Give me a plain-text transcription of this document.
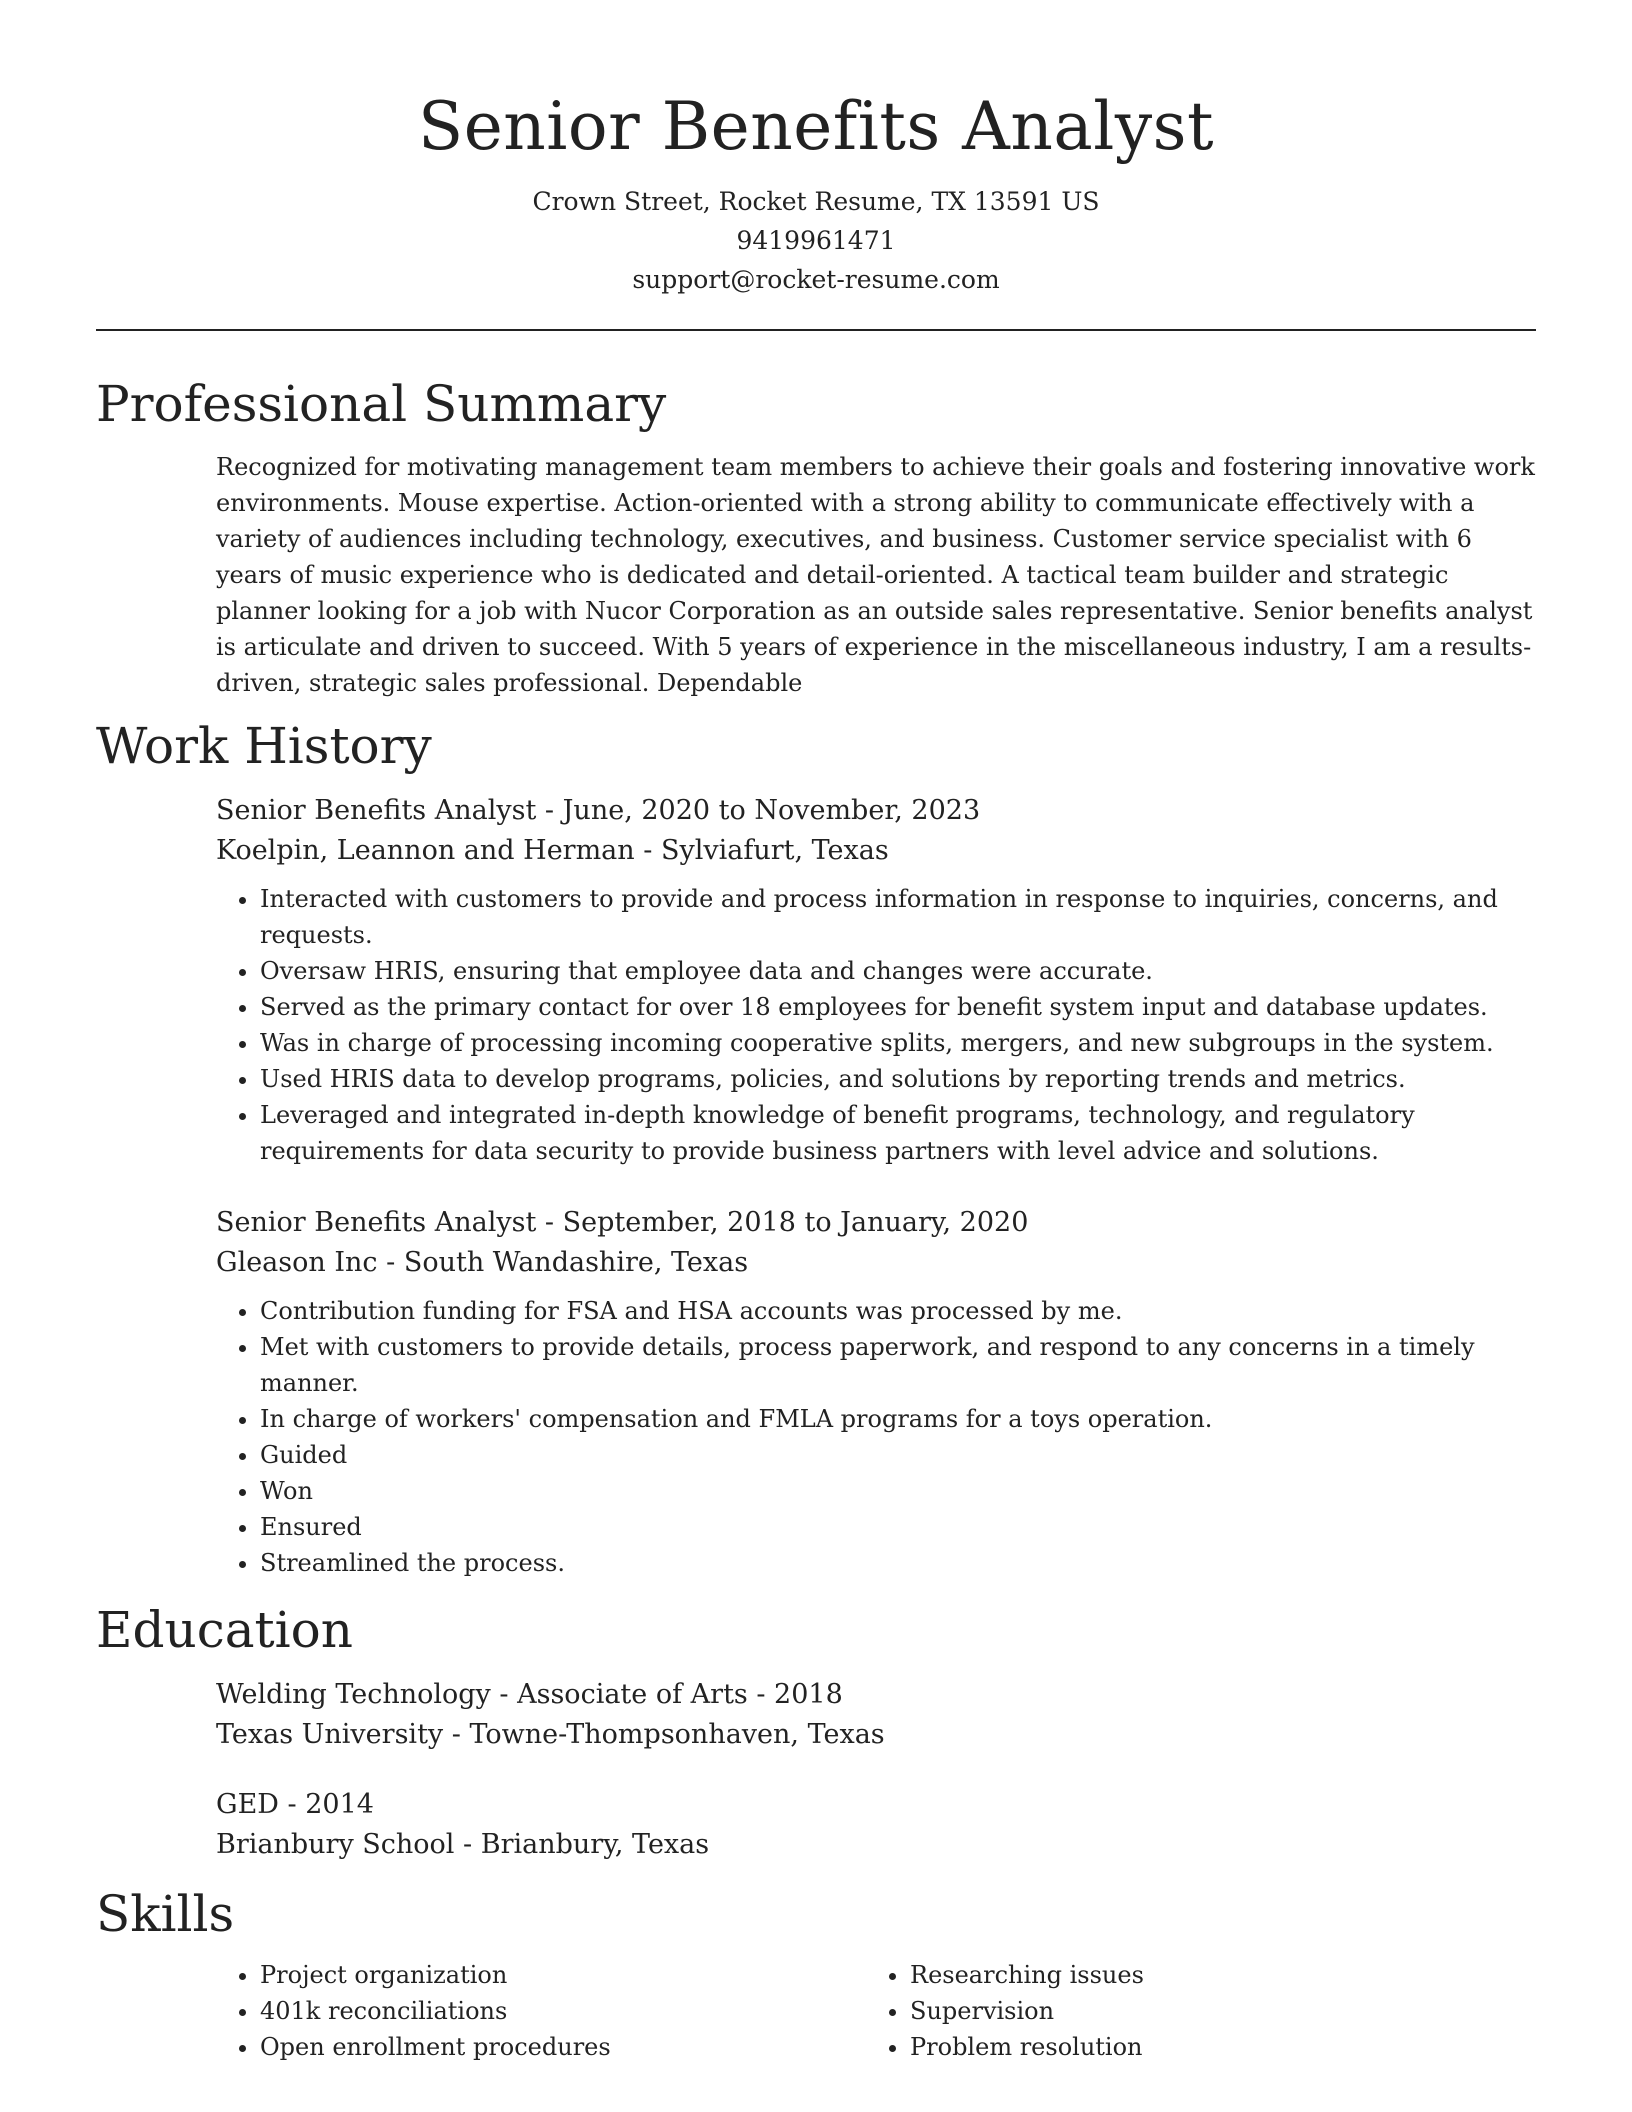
Senior Benefits Analyst

Crown Street, Rocket Resume, TX 13591 US

9419961471

support@rocket-resume.com

Professional Summary

Recognized for motivating management team members to achieve their goals and fostering innovative work environments. Mouse expertise. Action-oriented with a strong ability to communicate effectively with a variety of audiences including technology, executives, and business. Customer service specialist with 6 years of music experience who is dedicated and detail-oriented. A tactical team builder and strategic planner looking for a job with Nucor Corporation as an outside sales representative. Senior benefits analyst is articulate and driven to succeed. With 5 years of experience in the miscellaneous industry, I am a results-driven, strategic sales professional. Dependable

Work History

Senior Benefits Analyst - June, 2020 to November, 2023

Koelpin, Leannon and Herman - Sylviafurt, Texas

• Interacted with customers to provide and process information in response to inquiries, concerns, and requests.
• Oversaw HRIS, ensuring that employee data and changes were accurate.
• Served as the primary contact for over 18 employees for benefit system input and database updates.
• Was in charge of processing incoming cooperative splits, mergers, and new subgroups in the system.
• Used HRIS data to develop programs, policies, and solutions by reporting trends and metrics.
• Leveraged and integrated in-depth knowledge of benefit programs, technology, and regulatory requirements for data security to provide business partners with level advice and solutions.

Senior Benefits Analyst - September, 2018 to January, 2020

Gleason Inc - South Wandashire, Texas

• Contribution funding for FSA and HSA accounts was processed by me.
• Met with customers to provide details, process paperwork, and respond to any concerns in a timely manner.
• In charge of workers' compensation and FMLA programs for a toys operation.
• Guided
• Won
• Ensured
• Streamlined the process.
Education

Welding Technology - Associate of Arts - 2018

Texas University - Towne-Thompsonhaven, Texas

GED - 2014

Brianbury School - Brianbury, Texas

Skills
• Project organization
• 401k reconciliations
• Open enrollment procedures
• Researching issues
• Supervision
• Problem resolution
